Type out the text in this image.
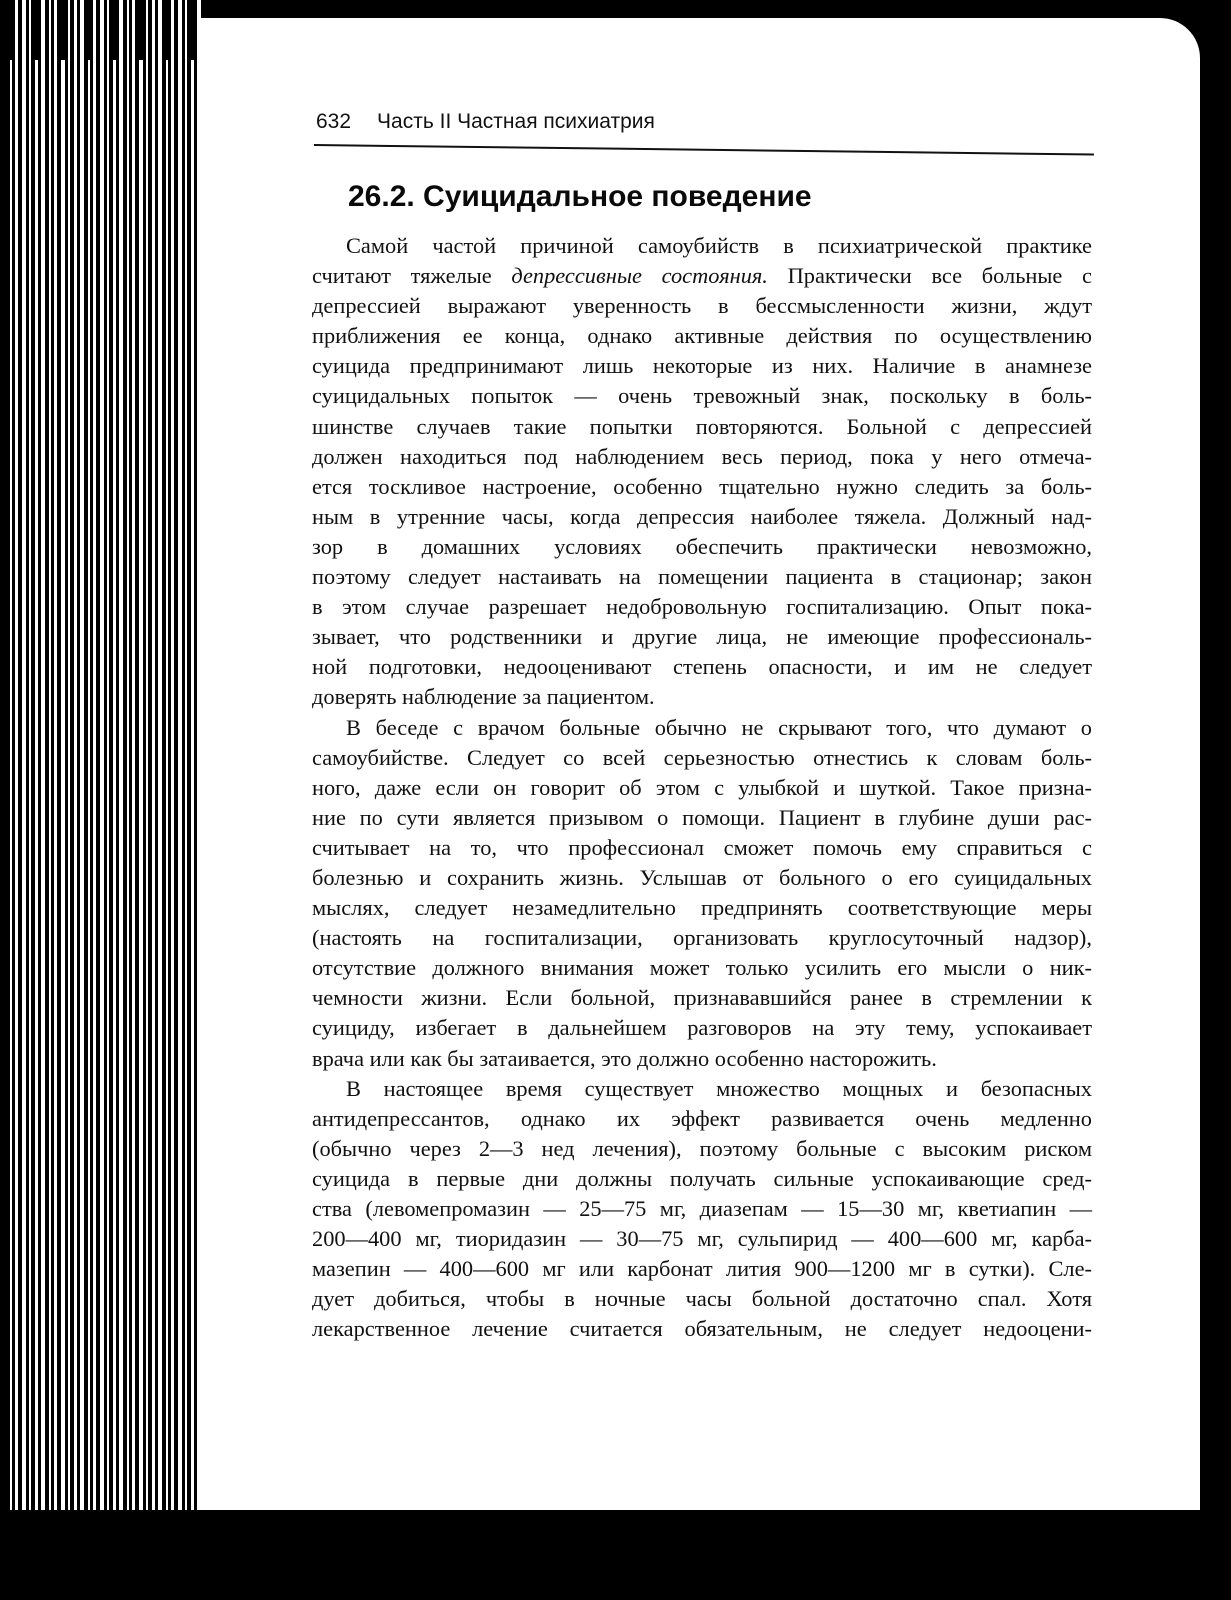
632 Часть II Частная психиатрия
26.2. Суицидальное поведение
Самой частой причиной самоубийств в психиатрической практике
считают тяжелые депрессивные состояния. Практически все больные с
депрессией выражают уверенность в бессмысленности жизни, ждут
приближения ее конца, однако активные действия по осуществлению
суицида предпринимают лишь некоторые из них. Наличие в анамнезе
суицидальных попыток — очень тревожный знак, поскольку в боль-
шинстве случаев такие попытки повторяются. Больной с депрессией
должен находиться под наблюдением весь период, пока у него отмеча-
ется тоскливое настроение, особенно тщательно нужно следить за боль-
ным в утренние часы, когда депрессия наиболее тяжела. Должный над-
зор в домашних условиях обеспечить практически невозможно,
поэтому следует настаивать на помещении пациента в стационар; закон
в этом случае разрешает недобровольную госпитализацию. Опыт пока-
зывает, что родственники и другие лица, не имеющие профессиональ-
ной подготовки, недооценивают степень опасности, и им не следует
доверять наблюдение за пациентом.
В беседе с врачом больные обычно не скрывают того, что думают о
самоубийстве. Следует со всей серьезностью отнестись к словам боль-
ного, даже если он говорит об этом с улыбкой и шуткой. Такое призна-
ние по сути является призывом о помощи. Пациент в глубине души рас-
считывает на то, что профессионал сможет помочь ему справиться с
болезнью и сохранить жизнь. Услышав от больного о его суицидальных
мыслях, следует незамедлительно предпринять соответствующие меры
(настоять на госпитализации, организовать круглосуточный надзор),
отсутствие должного внимания может только усилить его мысли о ник-
чемности жизни. Если больной, признававшийся ранее в стремлении к
суициду, избегает в дальнейшем разговоров на эту тему, успокаивает
врача или как бы затаивается, это должно особенно насторожить.
В настоящее время существует множество мощных и безопасных
антидепрессантов, однако их эффект развивается очень медленно
(обычно через 2—3 нед лечения), поэтому больные с высоким риском
суицида в первые дни должны получать сильные успокаивающие сред-
ства (левомепромазин — 25—75 мг, диазепам — 15—30 мг, кветиапин —
200—400 мг, тиоридазин — 30—75 мг, сульпирид — 400—600 мг, карба-
мазепин — 400—600 мг или карбонат лития 900—1200 мг в сутки). Сле-
дует добиться, чтобы в ночные часы больной достаточно спал. Хотя
лекарственное лечение считается обязательным, не следует недооцени-
